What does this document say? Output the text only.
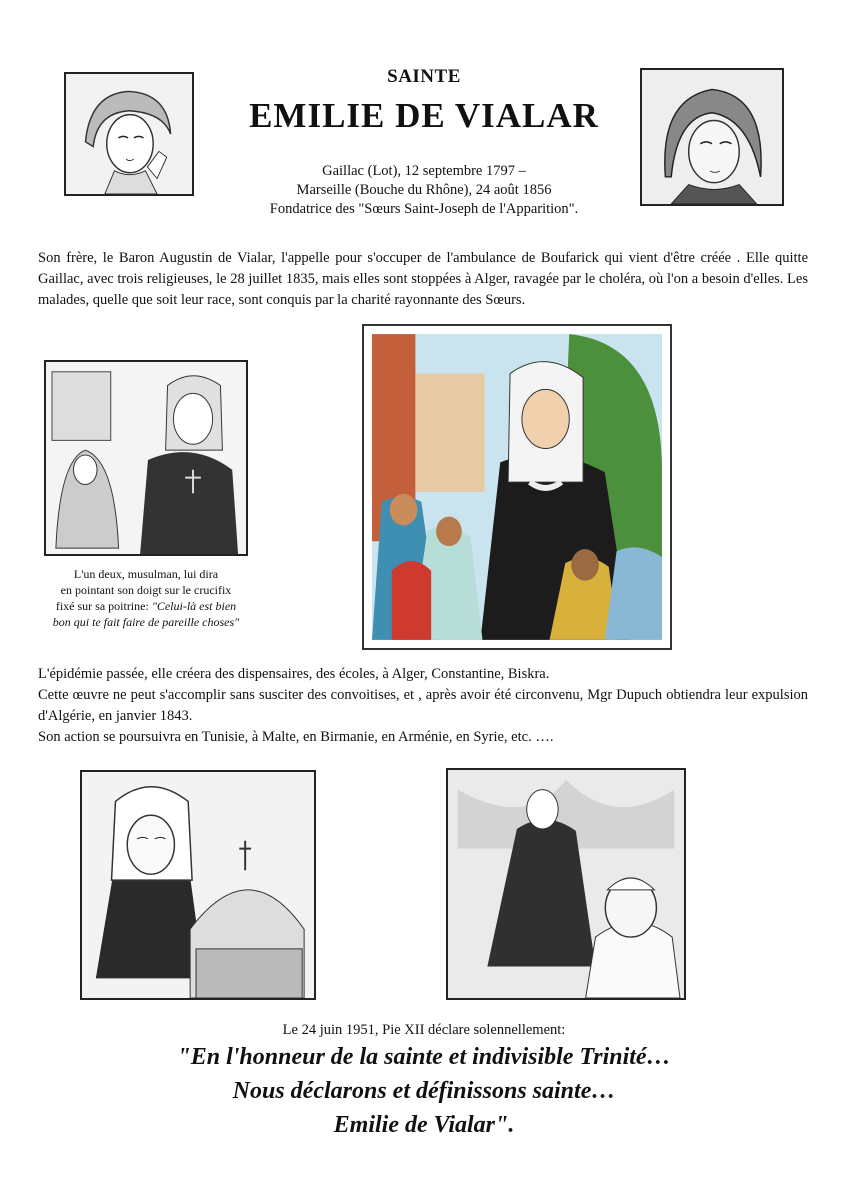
SAINTE
EMILIE DE VIALAR
Gaillac (Lot), 12 septembre 1797 –
Marseille (Bouche du Rhône), 24 août 1856
Fondatrice des "Sœurs Saint-Joseph de l'Apparition".
Son frère, le Baron Augustin de Vialar, l'appelle pour s'occuper de l'ambulance de Boufarick qui vient d'être créée . Elle quitte Gaillac, avec trois religieuses, le 28 juillet 1835, mais elles sont stoppées à Alger, ravagée par le choléra, où l'on a besoin d'elles. Les malades, quelle que soit leur race, sont conquis par la charité rayonnante des Sœurs.
L'un deux, musulman, lui dira
en pointant son doigt sur le crucifix
fixé sur sa poitrine: "Celui-là est bien
bon qui te fait faire de pareille choses"
L'épidémie passée, elle créera des dispensaires, des écoles, à Alger, Constantine, Biskra.
Cette œuvre ne peut s'accomplir sans susciter des convoitises, et , après avoir été circonvenu, Mgr Dupuch obtiendra leur expulsion d'Algérie, en janvier 1843.
Son action se poursuivra en Tunisie, à Malte, en Birmanie, en Arménie, en Syrie, etc. ….
Le 24 juin 1951, Pie XII déclare solennellement:
"En l'honneur de la sainte et indivisible Trinité…
Nous déclarons et définissons sainte…
Emilie de Vialar".
